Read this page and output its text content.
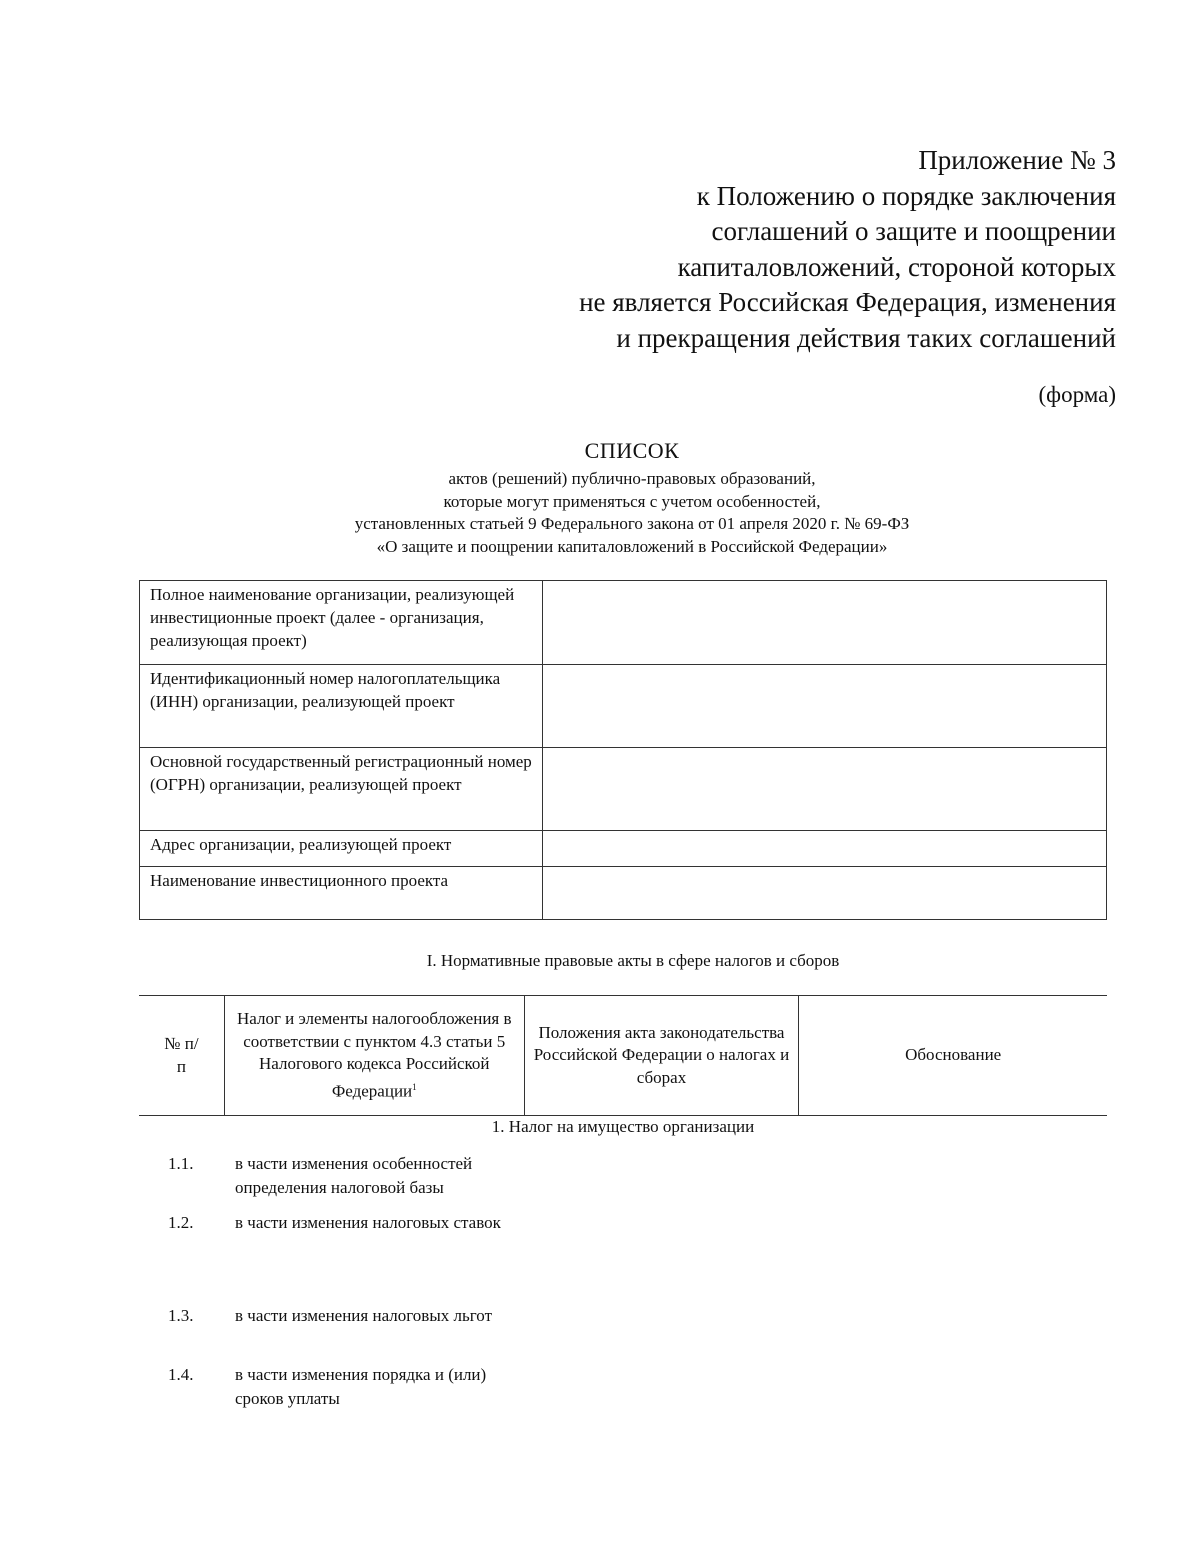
Приложение № 3
к Положению о порядке заключения
соглашений о защите и поощрении
капиталовложений, стороной которых
не является Российская Федерация, изменения
и прекращения действия таких соглашений
(форма)
СПИСОК
актов (решений) публично-правовых образований,
которые могут применяться с учетом особенностей,
установленных статьей 9 Федерального закона от 01 апреля 2020 г. № 69-ФЗ
«О защите и поощрении капиталовложений в Российской Федерации»
Полное наименование организации, реализующей инвестиционные проект (далее - организация, реализующая проект)	
Идентификационный номер налогоплательщика (ИНН) организации, реализующей проект	
Основной государственный регистрационный номер (ОГРН) организации, реализующей проект	
Адрес организации, реализующей проект	
Наименование инвестиционного проекта	
I. Нормативные правовые акты в сфере налогов и сборов
№ п/п	Налог и элементы налогообложения в соответствии с пунктом 4.3 статьи 5 Налогового кодекса Российской Федерации$^1$	Положения акта законодательства Российской Федерации о налогах и сборах	Обоснование
1. Налог на имущество организации
1.1.	в части изменения особенностей определения налоговой базы
1.2.	в части изменения налоговых ставок
1.3.	в части изменения налоговых льгот
1.4.	в части изменения порядка и (или) сроков уплаты
